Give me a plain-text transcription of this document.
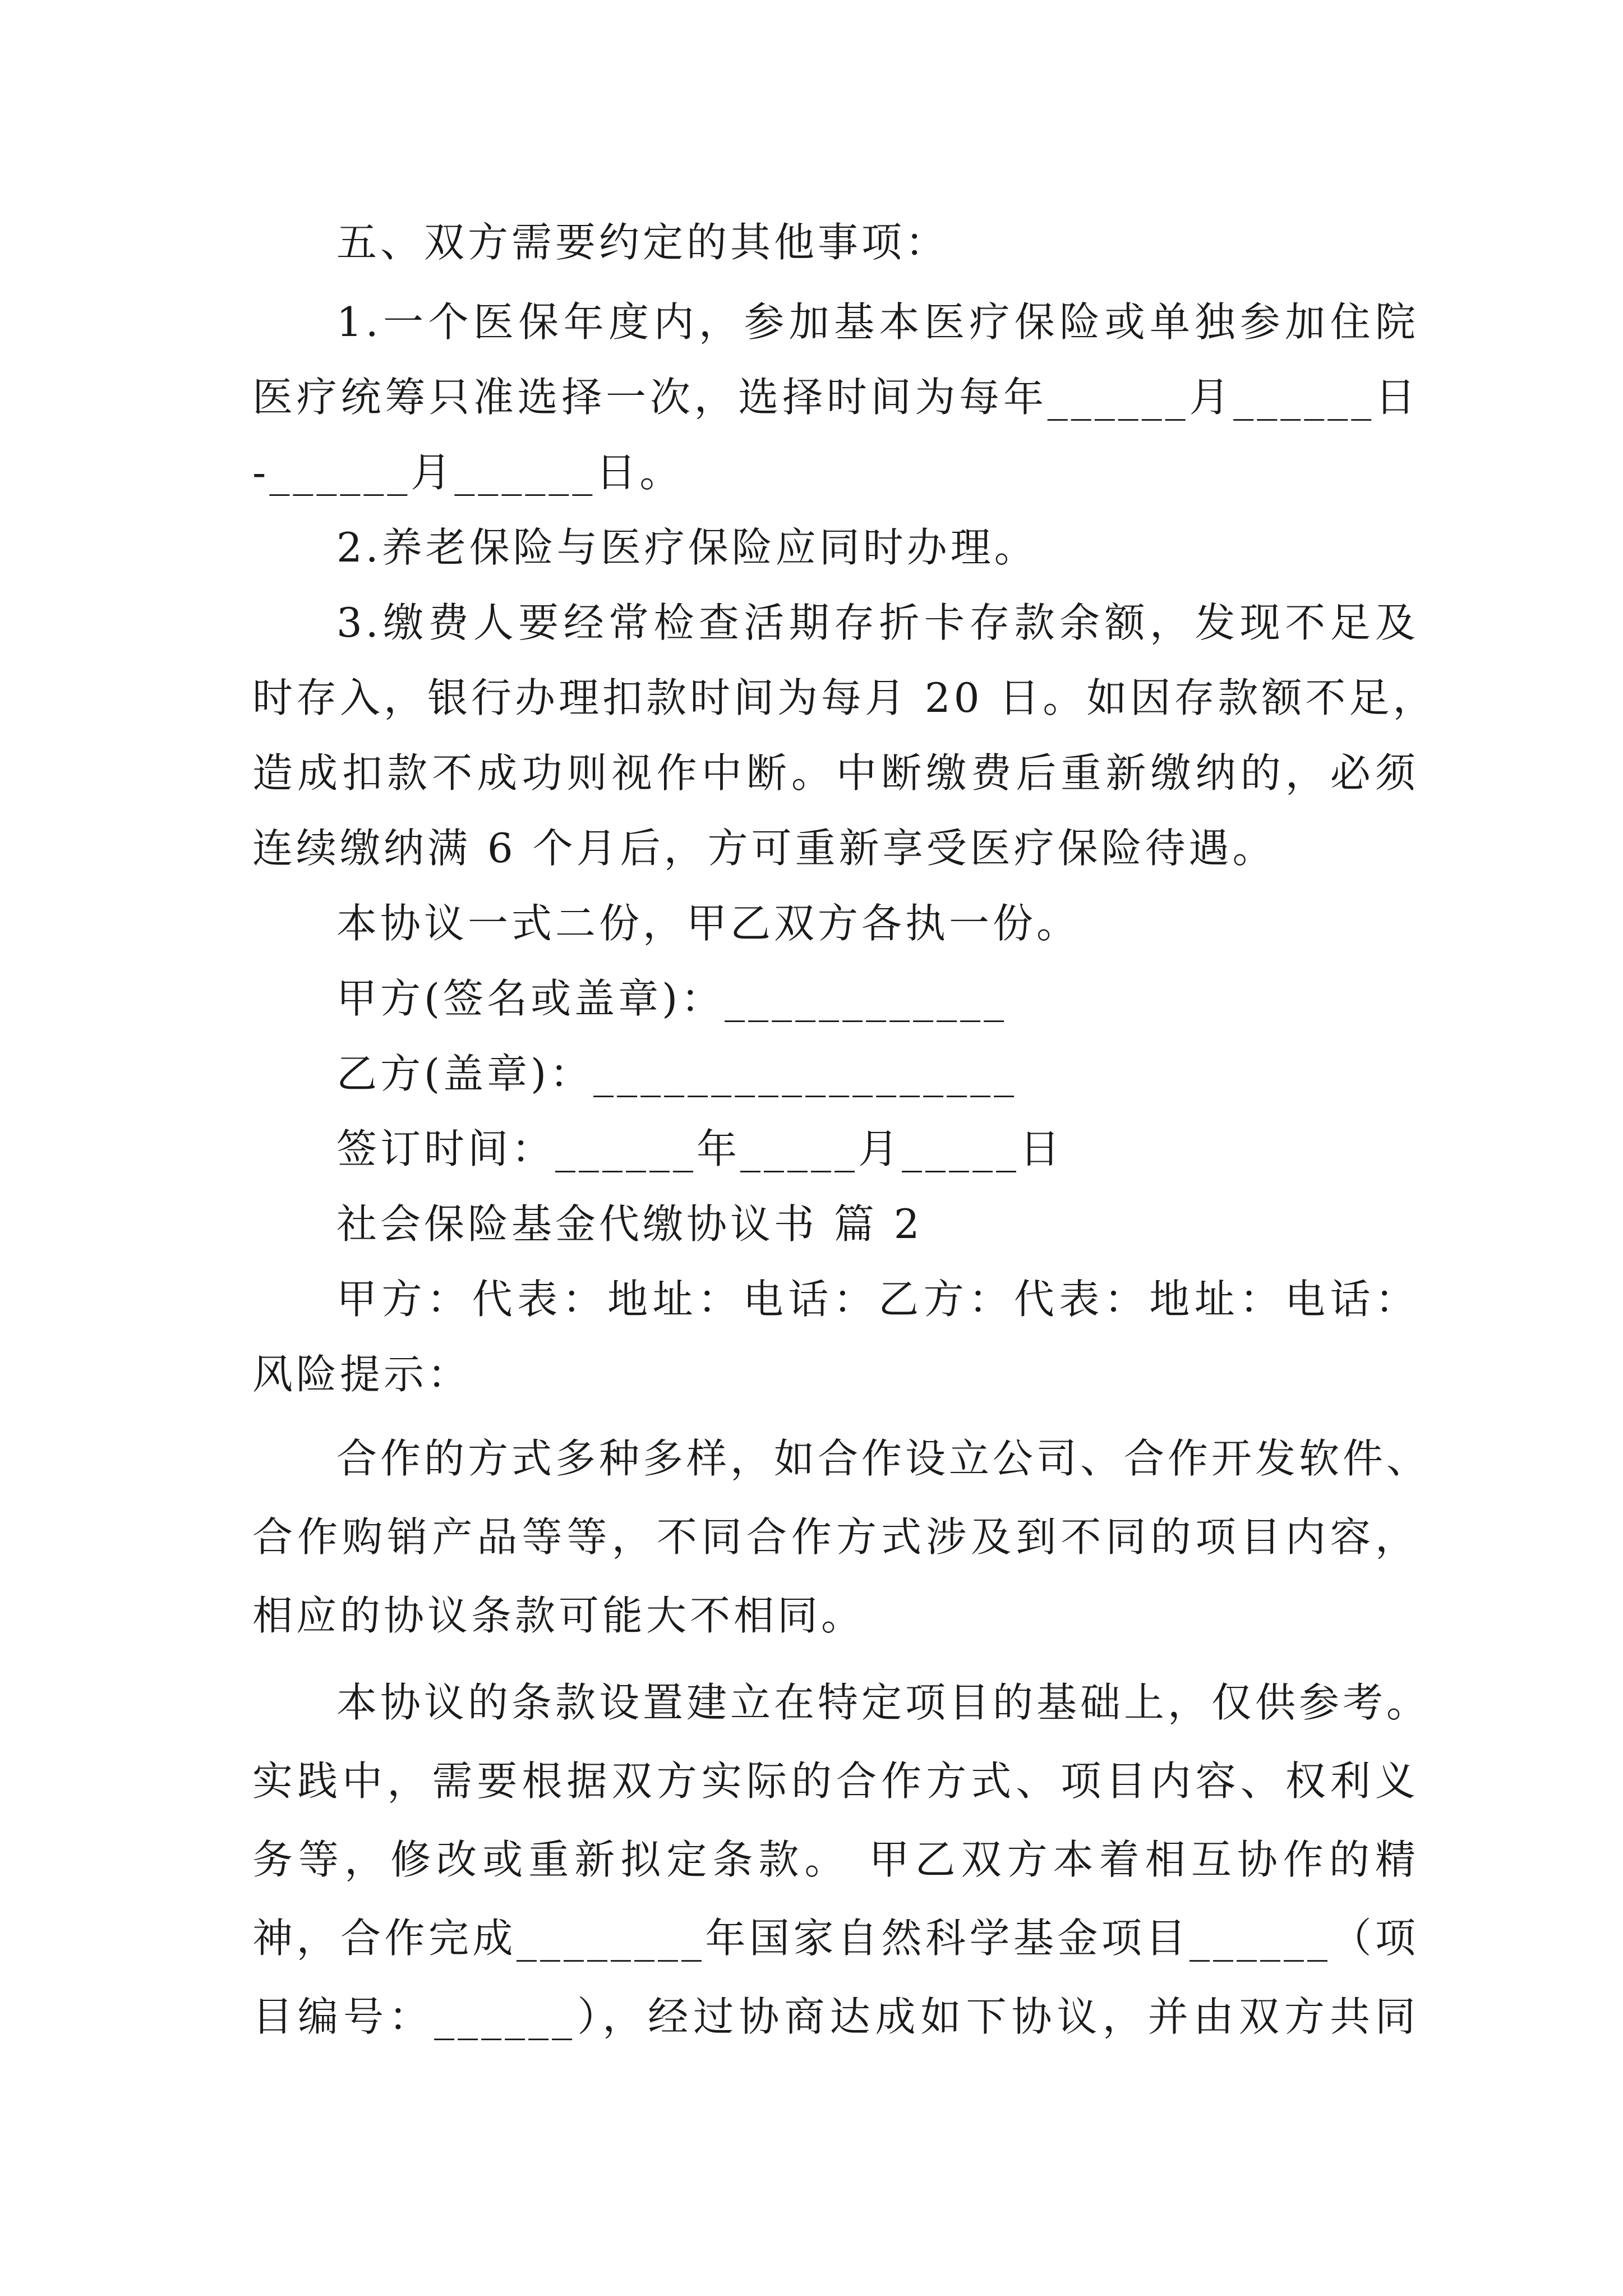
五、双方需要约定的其他事项：
1.一个医保年度内，参加基本医疗保险或单独参加住院
医疗统筹只准选择一次，选择时间为每年______月______日
-______月______日。
2.养老保险与医疗保险应同时办理。
3.缴费人要经常检查活期存折卡存款余额，发现不足及
时存入，银行办理扣款时间为每月 20 日。如因存款额不足，
造成扣款不成功则视作中断。中断缴费后重新缴纳的，必须
连续缴纳满 6 个月后，方可重新享受医疗保险待遇。
本协议一式二份，甲乙双方各执一份。
甲方(签名或盖章)：____________
乙方(盖章)：__________________
签订时间：______年_____月_____日
社会保险基金代缴协议书 篇 2
甲方：代表：地址：电话：乙方：代表：地址：电话：
风险提示：
合作的方式多种多样，如合作设立公司、合作开发软件、
合作购销产品等等，不同合作方式涉及到不同的项目内容，
相应的协议条款可能大不相同。
本协议的条款设置建立在特定项目的基础上，仅供参考。
实践中，需要根据双方实际的合作方式、项目内容、权利义
务等，修改或重新拟定条款。 甲乙双方本着相互协作的精
神，合作完成________年国家自然科学基金项目______（项
目编号：______），经过协商达成如下协议，并由双方共同
